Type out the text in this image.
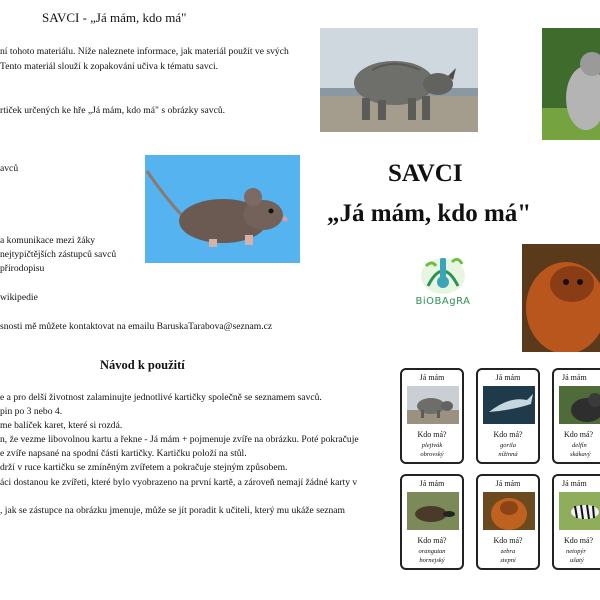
SAVCI - „Já mám, kdo má"
ní tohoto materiálu. Níže naleznete informace, jak materiál použít ve svých
Tento materiál slouží k zopakování učiva k tématu savci.
rtiček určených ke hře „Já mám, kdo má" s obrázky savců.
avců
a komunikace mezi žáky
nejtypičtějších zástupců savců
přírodopisu
wikipedie
snosti mě můžete kontaktovat na emailu BaruskaTarabova@seznam.cz
Návod k použití
e a pro delší životnost zalaminujte jednotlivé kartičky společně se seznamem savců.
pin po 3 nebo 4.
me balíček karet, které si rozdá.
n, že vezme libovolnou kartu a řekne - Já mám + pojmenuje zvíře na obrázku. Poté pokračuje
e zvíře napsané na spodní části kartičky. Kartičku položí na stůl.
drží v ruce kartičku se zmíněným zvířetem a pokračuje stejným způsobem.
áci dostanou ke zvířeti, které bylo vyobrazeno na první kartě, a zároveň nemají žádné karty v
, jak se zástupce na obrázku jmenuje, může se jít poradit k učiteli, který mu ukáže seznam
SAVCI
„Já mám, kdo má"
BiOBAgRA
Já mám
Kdo má?
plejtvák
obrovský
Já mám
Kdo má?
gorila
nížinná
Já mám
Kdo má?
delfín
skákavý
Já mám
Kdo má?
orangutan
bornejský
Já mám
Kdo má?
zebra
stepní
Já mám
Kdo má?
netopýr
ušatý
